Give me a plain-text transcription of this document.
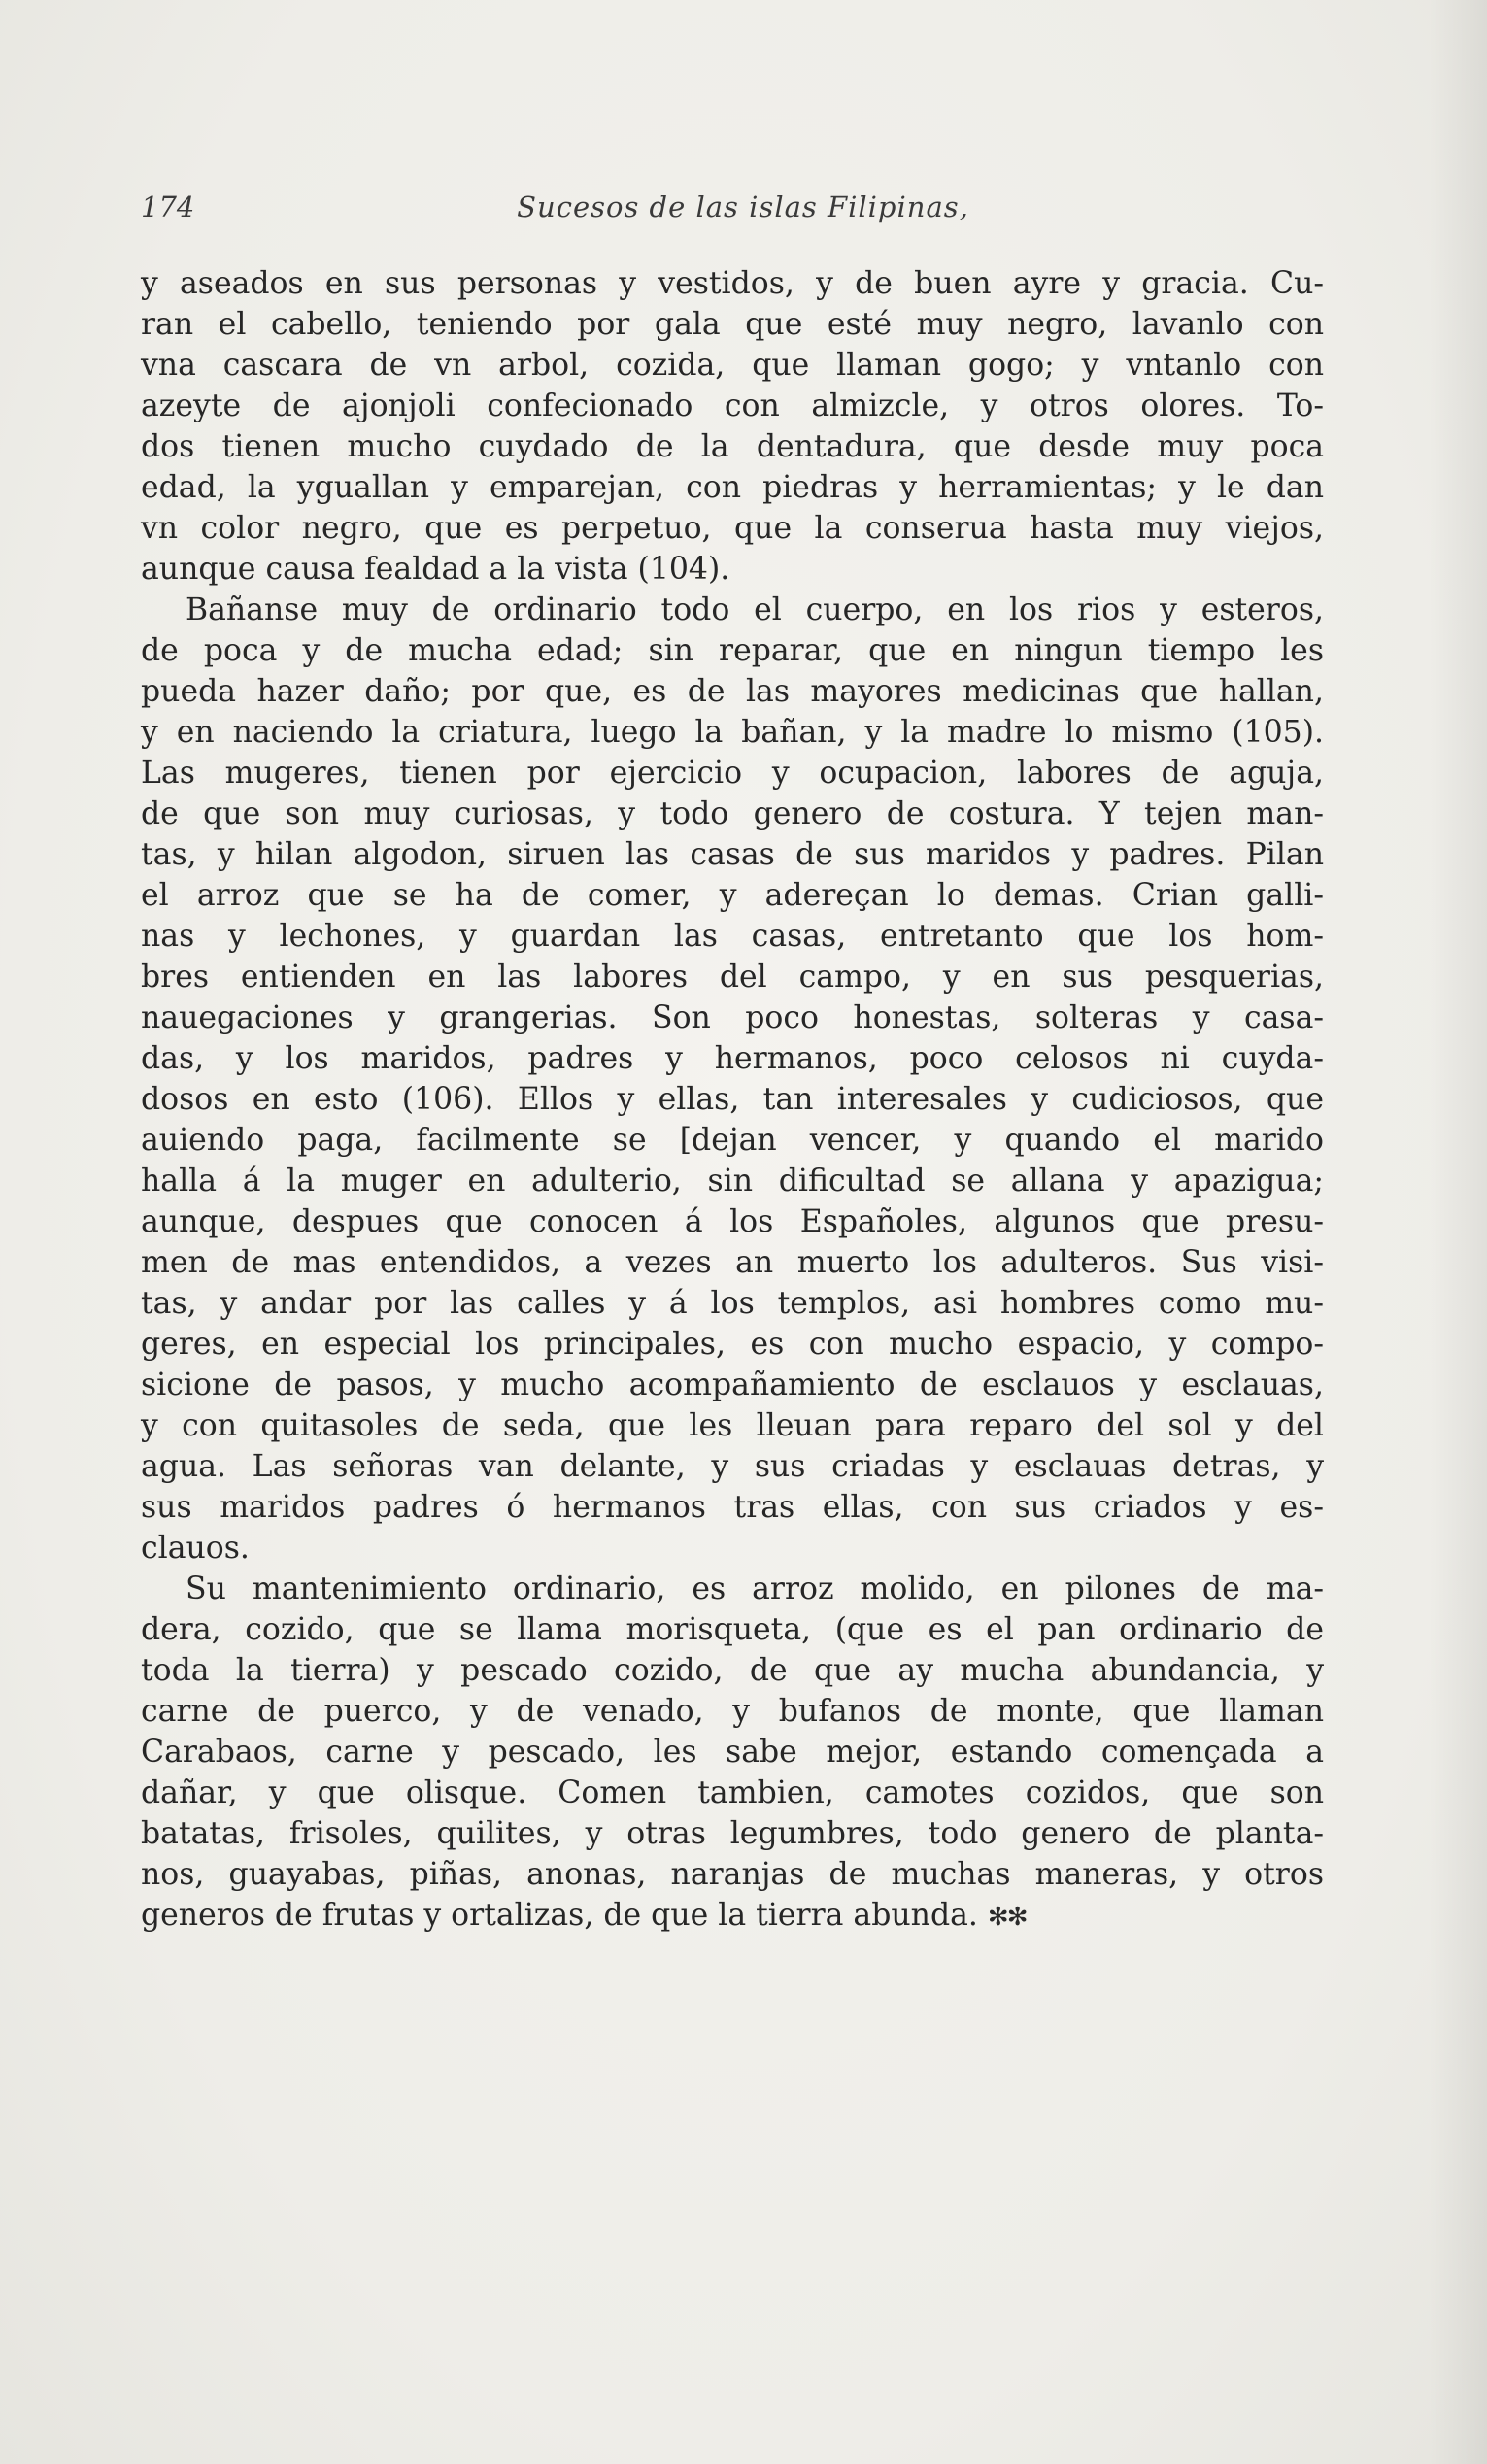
174	Sucesos de las islas Filipinas,
y aseados en sus personas y vestidos, y de buen ayre y gracia. Cu-
ran el cabello, teniendo por gala que esté muy negro, lavanlo con
vna cascara de vn arbol, cozida, que llaman gogo; y vntanlo con
azeyte de ajonjoli confecionado con almizcle, y otros olores. To-
dos tienen mucho cuydado de la dentadura, que desde muy poca
edad, la yguallan y emparejan, con piedras y herramientas; y le dan
vn color negro, que es perpetuo, que la conserua hasta muy viejos,
aunque causa fealdad a la vista (104).
Bañanse muy de ordinario todo el cuerpo, en los rios y esteros,
de poca y de mucha edad; sin reparar, que en ningun tiempo les
pueda hazer daño; por que, es de las mayores medicinas que hallan,
y en naciendo la criatura, luego la bañan, y la madre lo mismo (105).
Las mugeres, tienen por ejercicio y ocupacion, labores de aguja,
de que son muy curiosas, y todo genero de costura. Y tejen man-
tas, y hilan algodon, siruen las casas de sus maridos y padres. Pilan
el arroz que se ha de comer, y adereçan lo demas. Crian galli-
nas y lechones, y guardan las casas, entretanto que los hom-
bres entienden en las labores del campo, y en sus pesquerias,
nauegaciones y grangerias. Son poco honestas, solteras y casa-
das, y los maridos, padres y hermanos, poco celosos ni cuyda-
dosos en esto (106). Ellos y ellas, tan interesales y cudiciosos, que
auiendo paga, facilmente se [dejan vencer, y quando el marido
halla á la muger en adulterio, sin dificultad se allana y apazigua;
aunque, despues que conocen á los Españoles, algunos que presu-
men de mas entendidos, a vezes an muerto los adulteros. Sus visi-
tas, y andar por las calles y á los templos, asi hombres como mu-
geres, en especial los principales, es con mucho espacio, y compo-
sicione de pasos, y mucho acompañamiento de esclauos y esclauas,
y con quitasoles de seda, que les lleuan para reparo del sol y del
agua. Las señoras van delante, y sus criadas y esclauas detras, y
sus maridos padres ó hermanos tras ellas, con sus criados y es-
clauos.
Su mantenimiento ordinario, es arroz molido, en pilones de ma-
dera, cozido, que se llama morisqueta, (que es el pan ordinario de
toda la tierra) y pescado cozido, de que ay mucha abundancia, y
carne de puerco, y de venado, y bufanos de monte, que llaman
Carabaos, carne y pescado, les sabe mejor, estando començada a
dañar, y que olisque. Comen tambien, camotes cozidos, que son
batatas, frisoles, quilites, y otras legumbres, todo genero de planta-
nos, guayabas, piñas, anonas, naranjas de muchas maneras, y otros
generos de frutas y ortalizas, de que la tierra abunda. ✻✻
